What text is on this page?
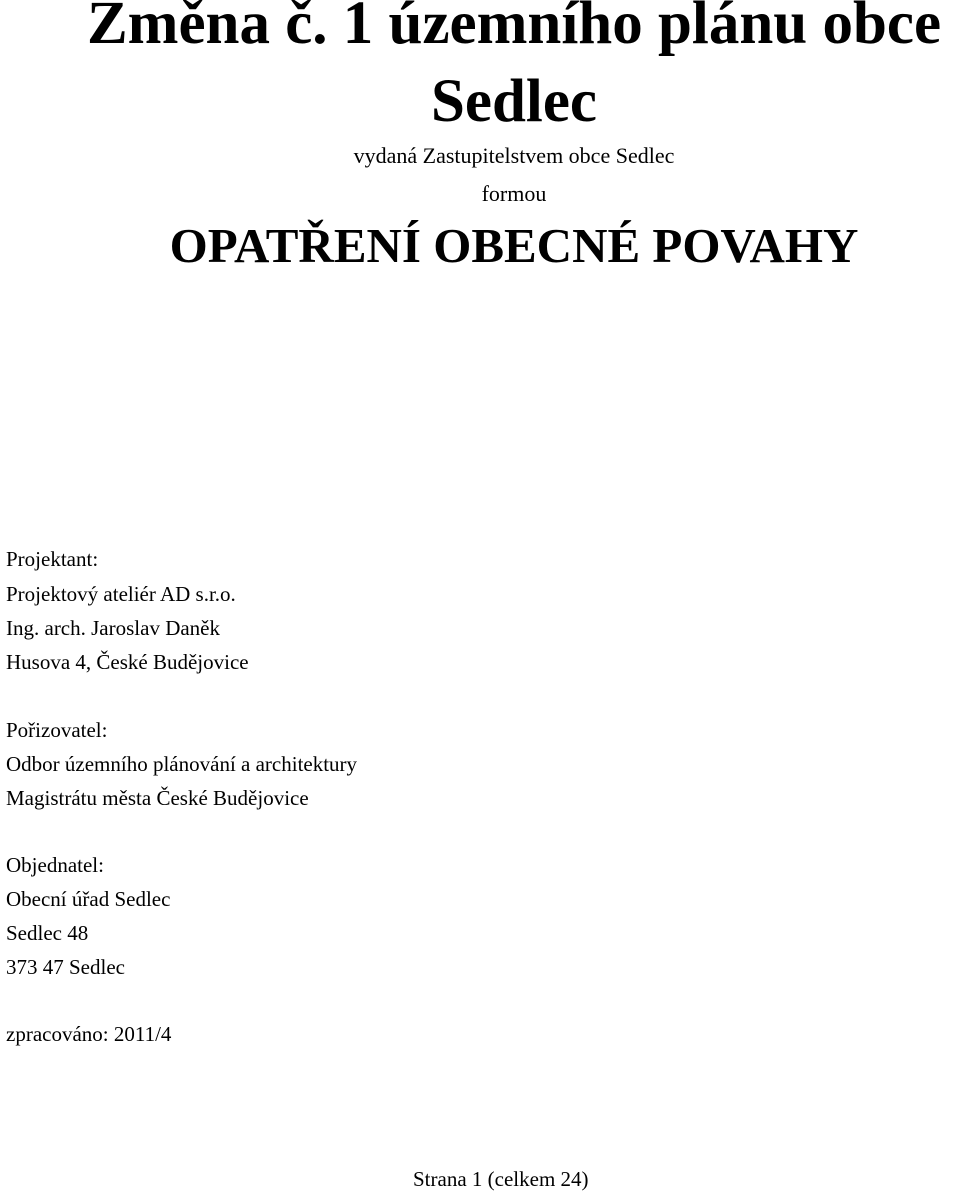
Změna č. 1 územního plánu obce
Sedlec
vydaná Zastupitelstvem obce Sedlec
formou
OPATŘENÍ OBECNÉ POVAHY
Projektant:
Projektový ateliér AD s.r.o.
Ing. arch. Jaroslav Daněk
Husova 4, České Budějovice
Pořizovatel:
Odbor územního plánování a architektury
Magistrátu města České Budějovice
Objednatel:
Obecní úřad Sedlec
Sedlec 48
373 47 Sedlec
zpracováno: 2011/4
Strana 1 (celkem 24)
